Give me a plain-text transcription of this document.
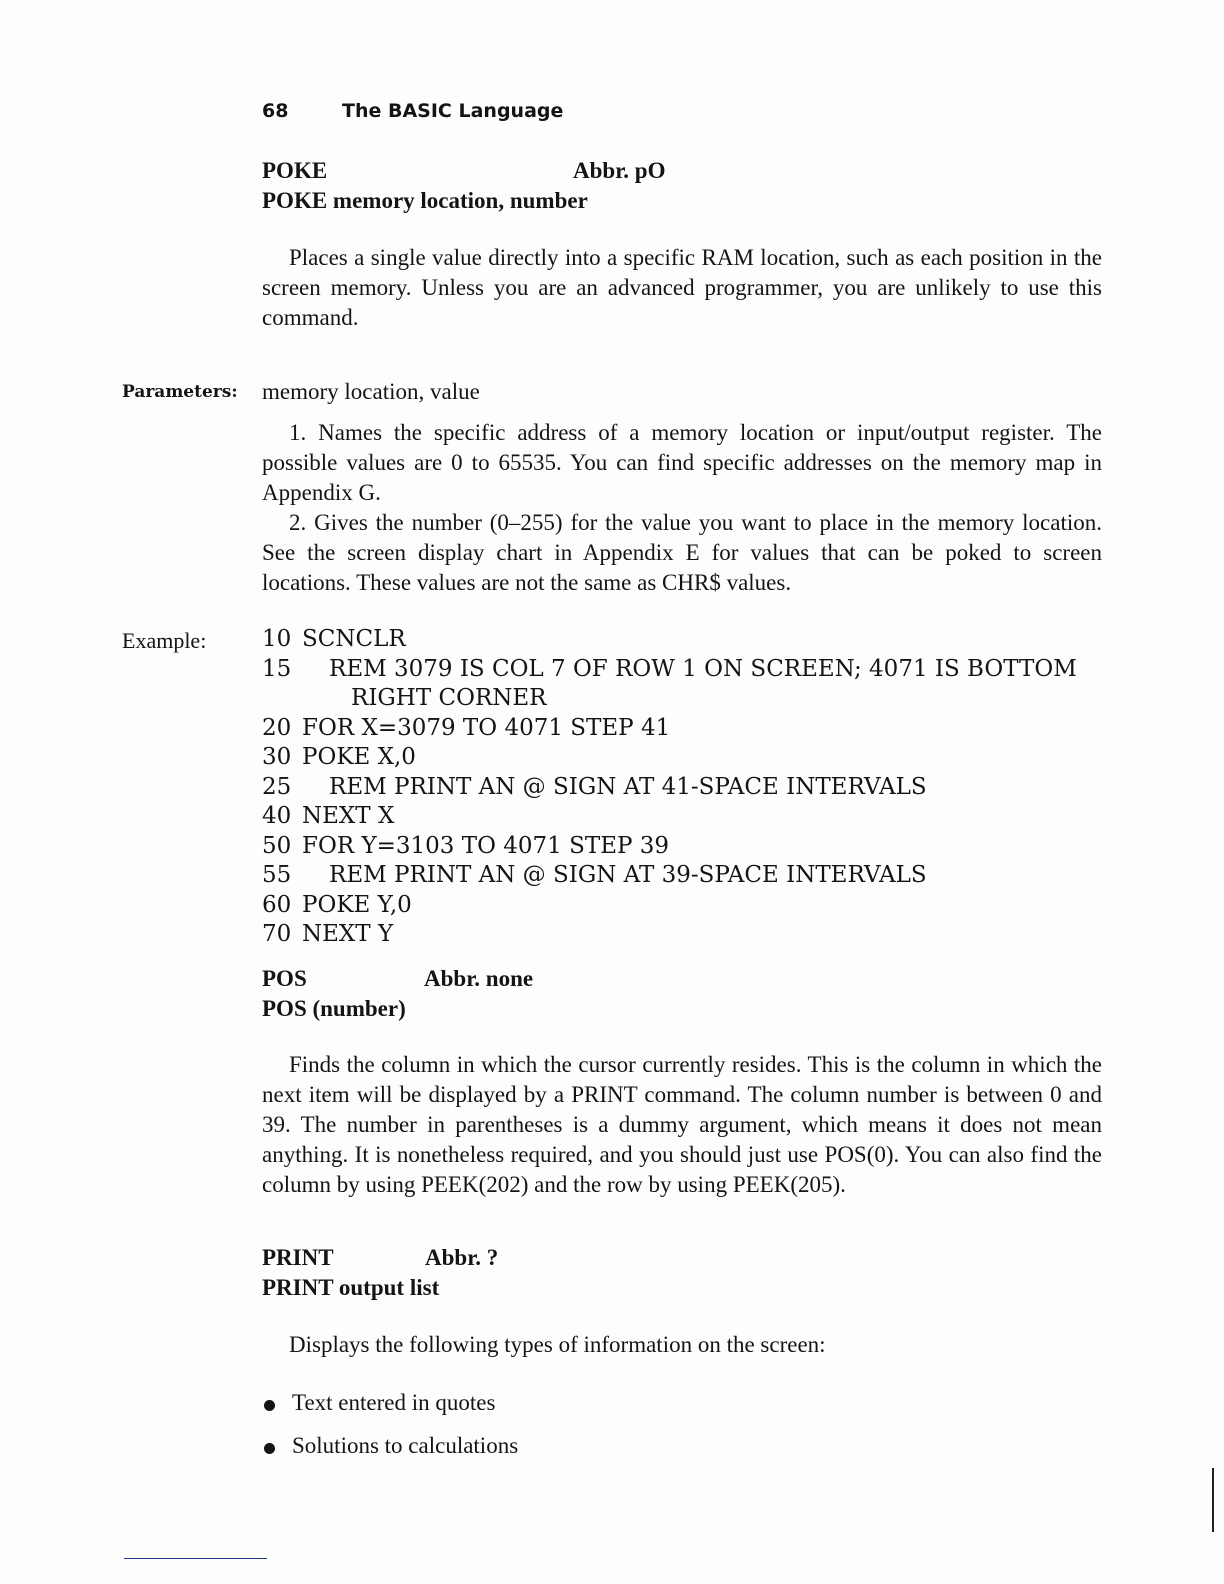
68	The BASIC Language
POKE	Abbr. pO
POKE memory location, number

Places a single value directly into a specific RAM location, such as each position in the screen memory. Unless you are an advanced programmer, you are unlikely to use this command.

Parameters: memory location, value

1. Names the specific address of a memory location or input/output register. The possible values are 0 to 65535. You can find specific addresses on the memory map in Appendix G.

2. Gives the number (0–255) for the value you want to place in the memory location. See the screen display chart in Appendix E for values that can be poked to screen locations. These values are not the same as CHR$ values.

Example: 10 SCNCLR
15 REM 3079 IS COL 7 OF ROW 1 ON SCREEN; 4071 IS BOTTOM
RIGHT CORNER
20 FOR X=3079 TO 4071 STEP 41
30 POKE X,0
25 REM PRINT AN @ SIGN AT 41-SPACE INTERVALS
40 NEXT X
50 FOR Y=3103 TO 4071 STEP 39
55 REM PRINT AN @ SIGN AT 39-SPACE INTERVALS
60 POKE Y,0
70 NEXT Y
POS	Abbr. none
POS (number)

Finds the column in which the cursor currently resides. This is the column in which the next item will be displayed by a PRINT command. The column number is between 0 and 39. The number in parentheses is a dummy argument, which means it does not mean anything. It is nonetheless required, and you should just use POS(0). You can also find the column by using PEEK(202) and the row by using PEEK(205).

PRINT	Abbr. ?
PRINT output list

Displays the following types of information on the screen:

Text entered in quotes
Solutions to calculations
